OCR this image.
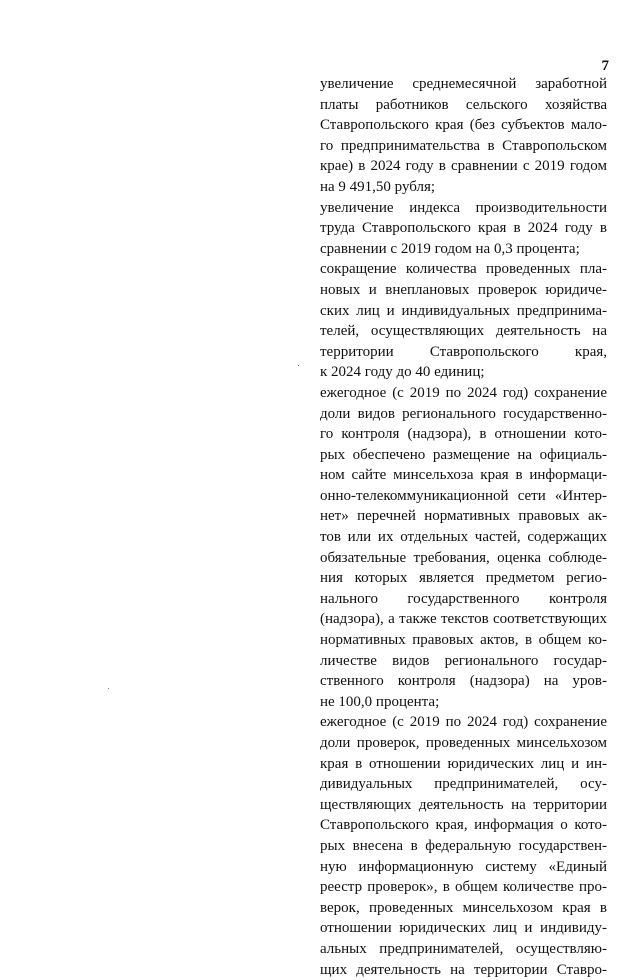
7
увеличение среднемесячной заработной
платы работников сельского хозяйства
Ставропольского края (без субъектов мало-
го предпринимательства в Ставропольском
крае) в 2024 году в сравнении с 2019 годом
на 9 491,50 рубля;
увеличение индекса производительности
труда Ставропольского края в 2024 году в
сравнении с 2019 годом на 0,3 процента;
сокращение количества проведенных пла-
новых и внеплановых проверок юридиче-
ских лиц и индивидуальных предпринима-
телей, осуществляющих деятельность на
территории Ставропольского края,
к 2024 году до 40 единиц;
ежегодное (с 2019 по 2024 год) сохранение
доли видов регионального государственно-
го контроля (надзора), в отношении кото-
рых обеспечено размещение на официаль-
ном сайте минсельхоза края в информаци-
онно-телекоммуникационной сети «Интер-
нет» перечней нормативных правовых ак-
тов или их отдельных частей, содержащих
обязательные требования, оценка соблюде-
ния которых является предметом регио-
нального государственного контроля
(надзора), а также текстов соответствующих
нормативных правовых актов, в общем ко-
личестве видов регионального государ-
ственного контроля (надзора) на уров-
не 100,0 процента;
ежегодное (с 2019 по 2024 год) сохранение
доли проверок, проведенных минсельхозом
края в отношении юридических лиц и ин-
дивидуальных предпринимателей, осу-
ществляющих деятельность на территории
Ставропольского края, информация о кото-
рых внесена в федеральную государствен-
ную информационную систему «Единый
реестр проверок», в общем количестве про-
верок, проведенных минсельхозом края в
отношении юридических лиц и индивиду-
альных предпринимателей, осуществляю-
щих деятельность на территории Ставро-
